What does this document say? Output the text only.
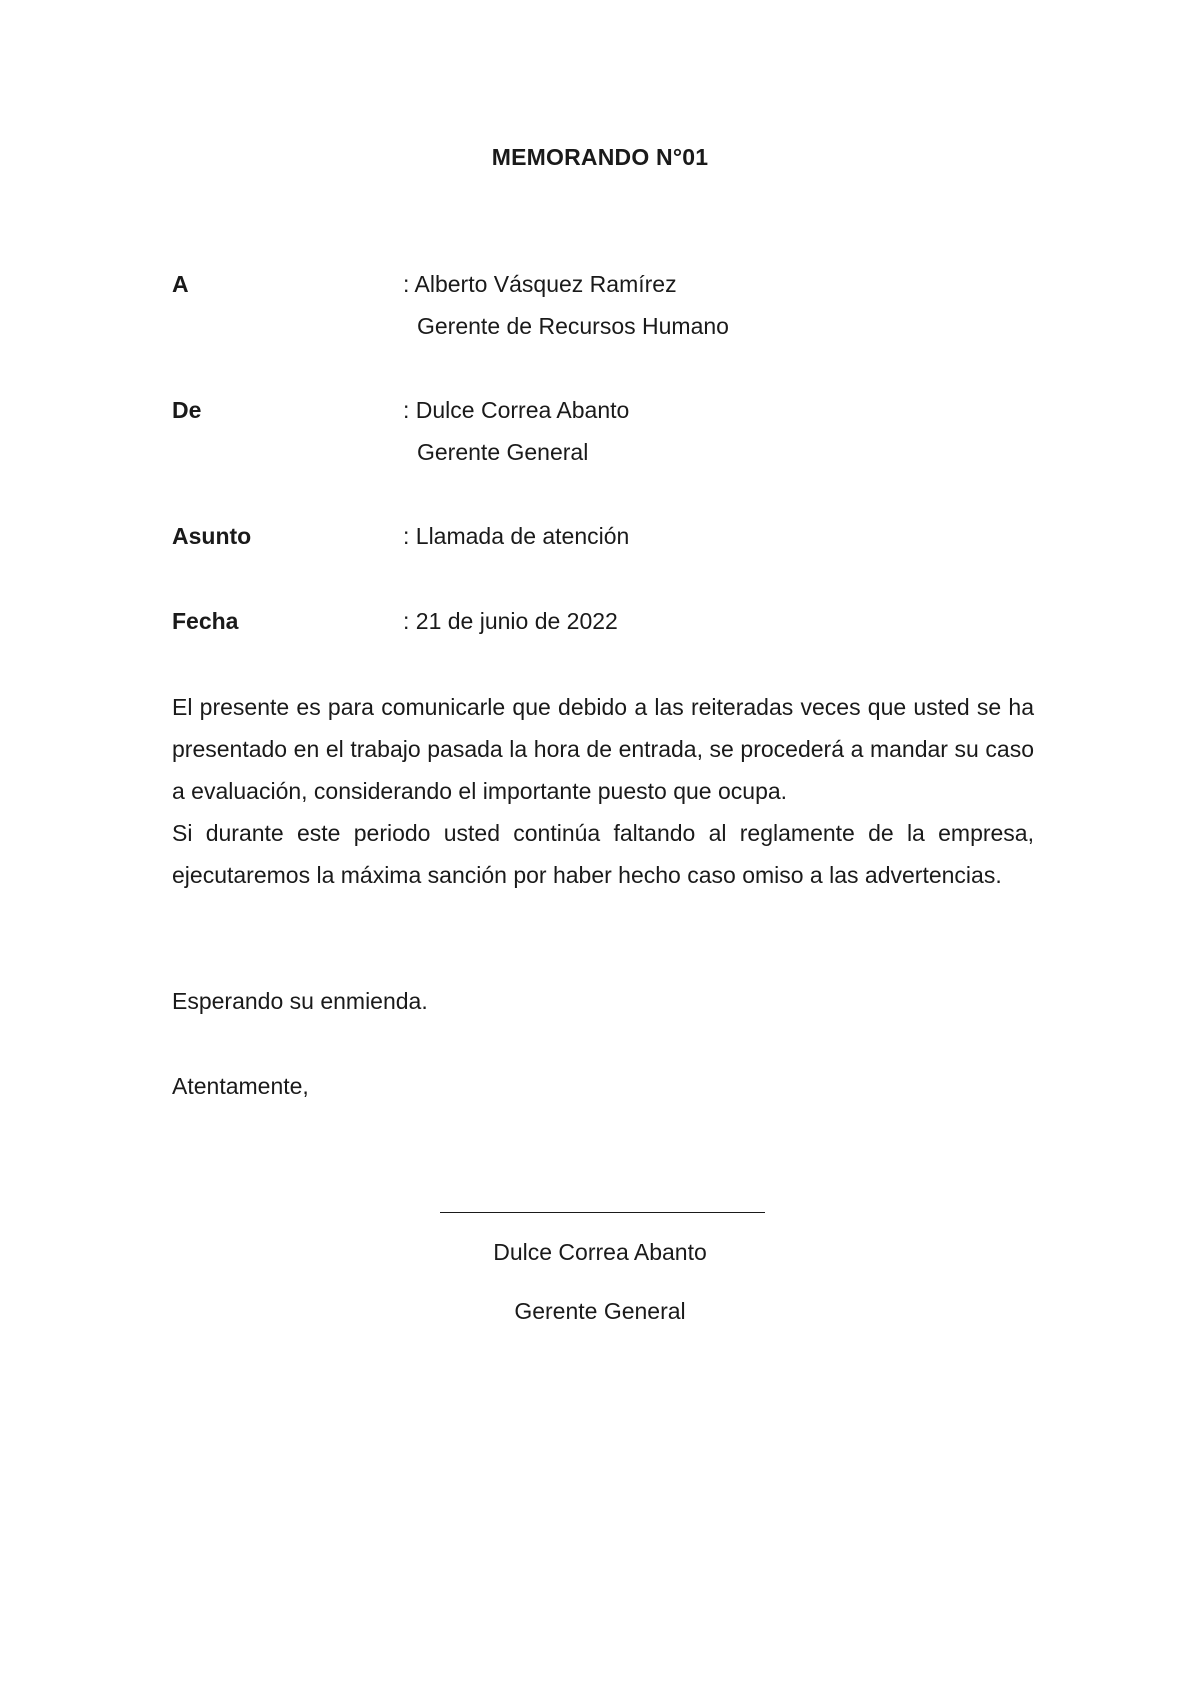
MEMORANDO N°01
A	: Alberto Vásquez Ramírez
Gerente de Recursos Humano
De	: Dulce Correa Abanto
Gerente General
Asunto	: Llamada de atención
Fecha	: 21 de junio de 2022

El presente es para comunicarle que debido a las reiteradas veces que usted se ha presentado en el trabajo pasada la hora de entrada, se procederá a mandar su caso a evaluación, considerando el importante puesto que ocupa.

Si durante este periodo usted continúa faltando al reglamente de la empresa, ejecutaremos la máxima sanción por haber hecho caso omiso a las advertencias.

Esperando su enmienda.
Atentamente,
Dulce Correa Abanto
Gerente General
